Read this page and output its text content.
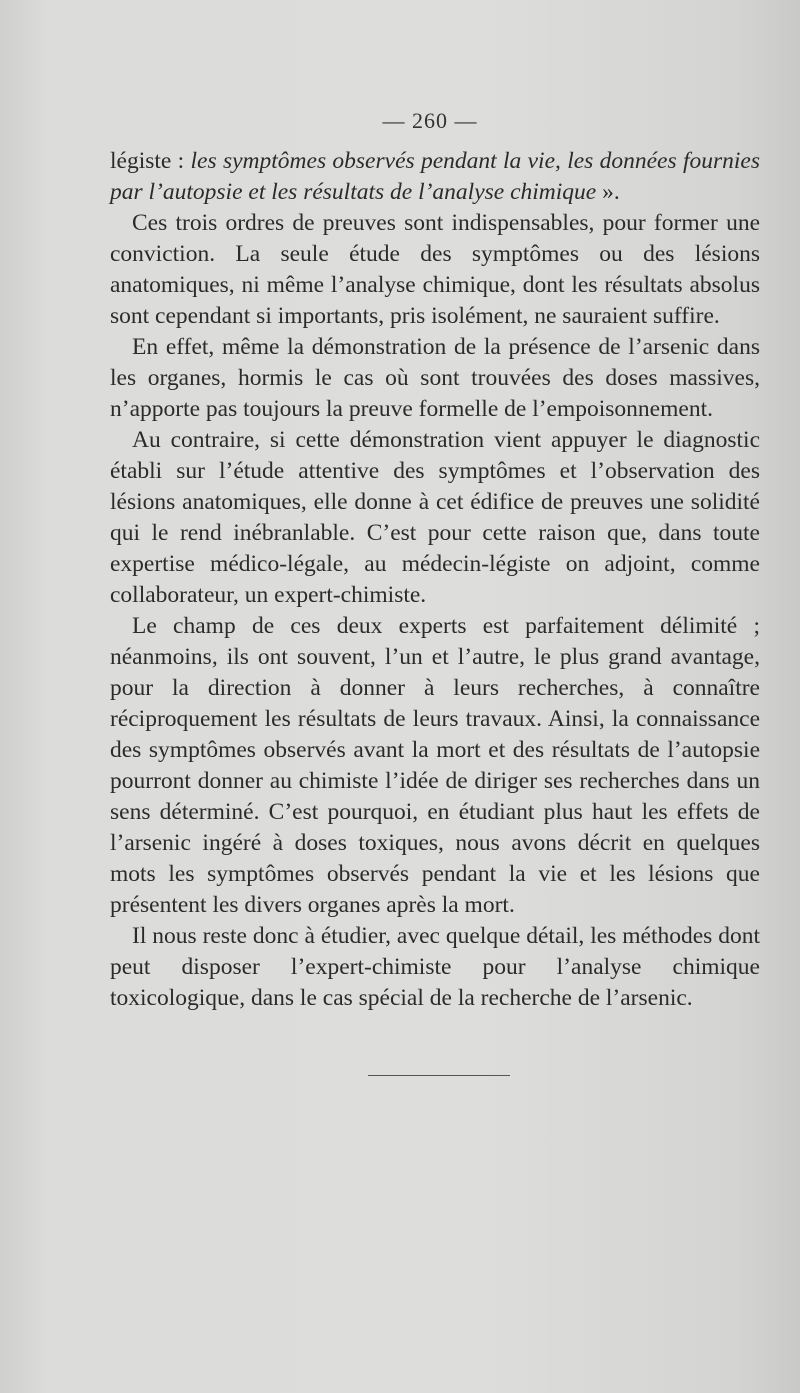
— 260 —

légiste : les symptômes observés pendant la vie, les données fournies par l’autopsie et les résultats de l’analyse chimique ».

Ces trois ordres de preuves sont indispensables, pour former une conviction. La seule étude des symptômes ou des lésions anatomiques, ni même l’analyse chimique, dont les résultats absolus sont cependant si importants, pris isolément, ne sauraient suffire.

En effet, même la démonstration de la présence de l’arsenic dans les organes, hormis le cas où sont trouvées des doses massives, n’apporte pas toujours la preuve formelle de l’empoisonnement.

Au contraire, si cette démonstration vient appuyer le diagnostic établi sur l’étude attentive des symptômes et l’observation des lésions anatomiques, elle donne à cet édifice de preuves une solidité qui le rend inébranlable. C’est pour cette raison que, dans toute expertise médico-légale, au médecin-légiste on adjoint, comme collaborateur, un expert-chimiste.

Le champ de ces deux experts est parfaitement délimité ; néanmoins, ils ont souvent, l’un et l’autre, le plus grand avantage, pour la direction à donner à leurs recherches, à connaître réciproquement les résultats de leurs travaux. Ainsi, la connaissance des symptômes observés avant la mort et des résultats de l’autopsie pourront donner au chimiste l’idée de diriger ses recherches dans un sens déterminé. C’est pourquoi, en étudiant plus haut les effets de l’arsenic ingéré à doses toxiques, nous avons décrit en quelques mots les symptômes observés pendant la vie et les lésions que présentent les divers organes après la mort.

Il nous reste donc à étudier, avec quelque détail, les méthodes dont peut disposer l’expert-chimiste pour l’analyse chimique toxicologique, dans le cas spécial de la recherche de l’arsenic.
